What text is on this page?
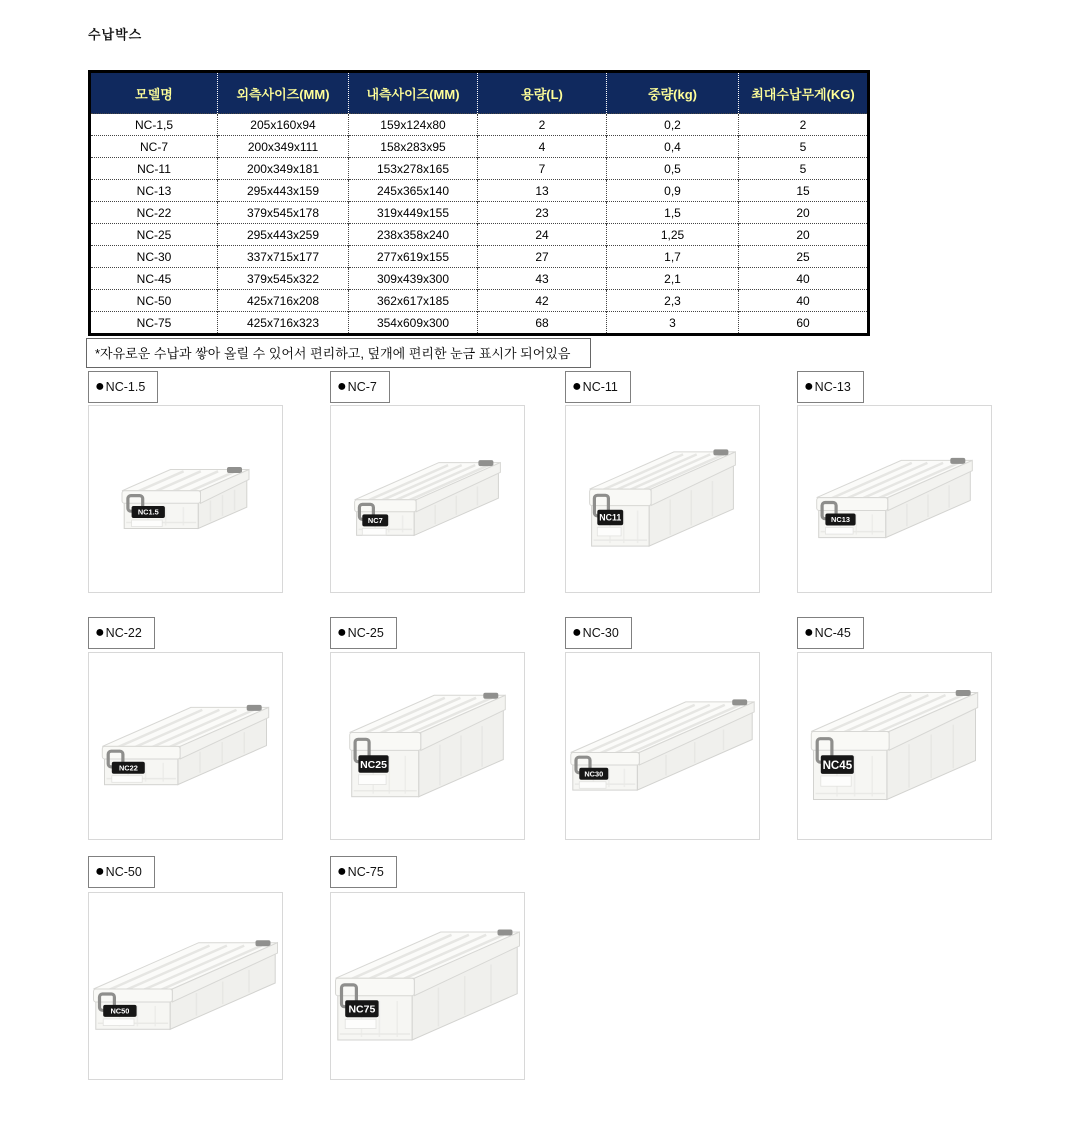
수납박스
모델명	외측사이즈(MM)	내측사이즈(MM)	용량(L)	중량(kg)	최대수납무게(KG)
NC-1,5	205x160x94	159x124x80	2	0,2	2
NC-7	200x349x111	158x283x95	4	0,4	5
NC-11	200x349x181	153x278x165	7	0,5	5
NC-13	295x443x159	245x365x140	13	0,9	15
NC-22	379x545x178	319x449x155	23	1,5	20
NC-25	295x443x259	238x358x240	24	1,25	20
NC-30	337x715x177	277x619x155	27	1,7	25
NC-45	379x545x322	309x439x300	43	2,1	40
NC-50	425x716x208	362x617x185	42	2,3	40
NC-75	425x716x323	354x609x300	68	3	60
*자유로운 수납과 쌓아 올릴 수 있어서 편리하고, 덮개에 편리한 눈금 표시가 되어있음
● NC-1.5
NC1.5
● NC-7
NC7
● NC-11
NC11
● NC-13
NC13
● NC-22
NC22
● NC-25
NC25
● NC-30
NC30
● NC-45
NC45
● NC-50
NC50
● NC-75
NC75
